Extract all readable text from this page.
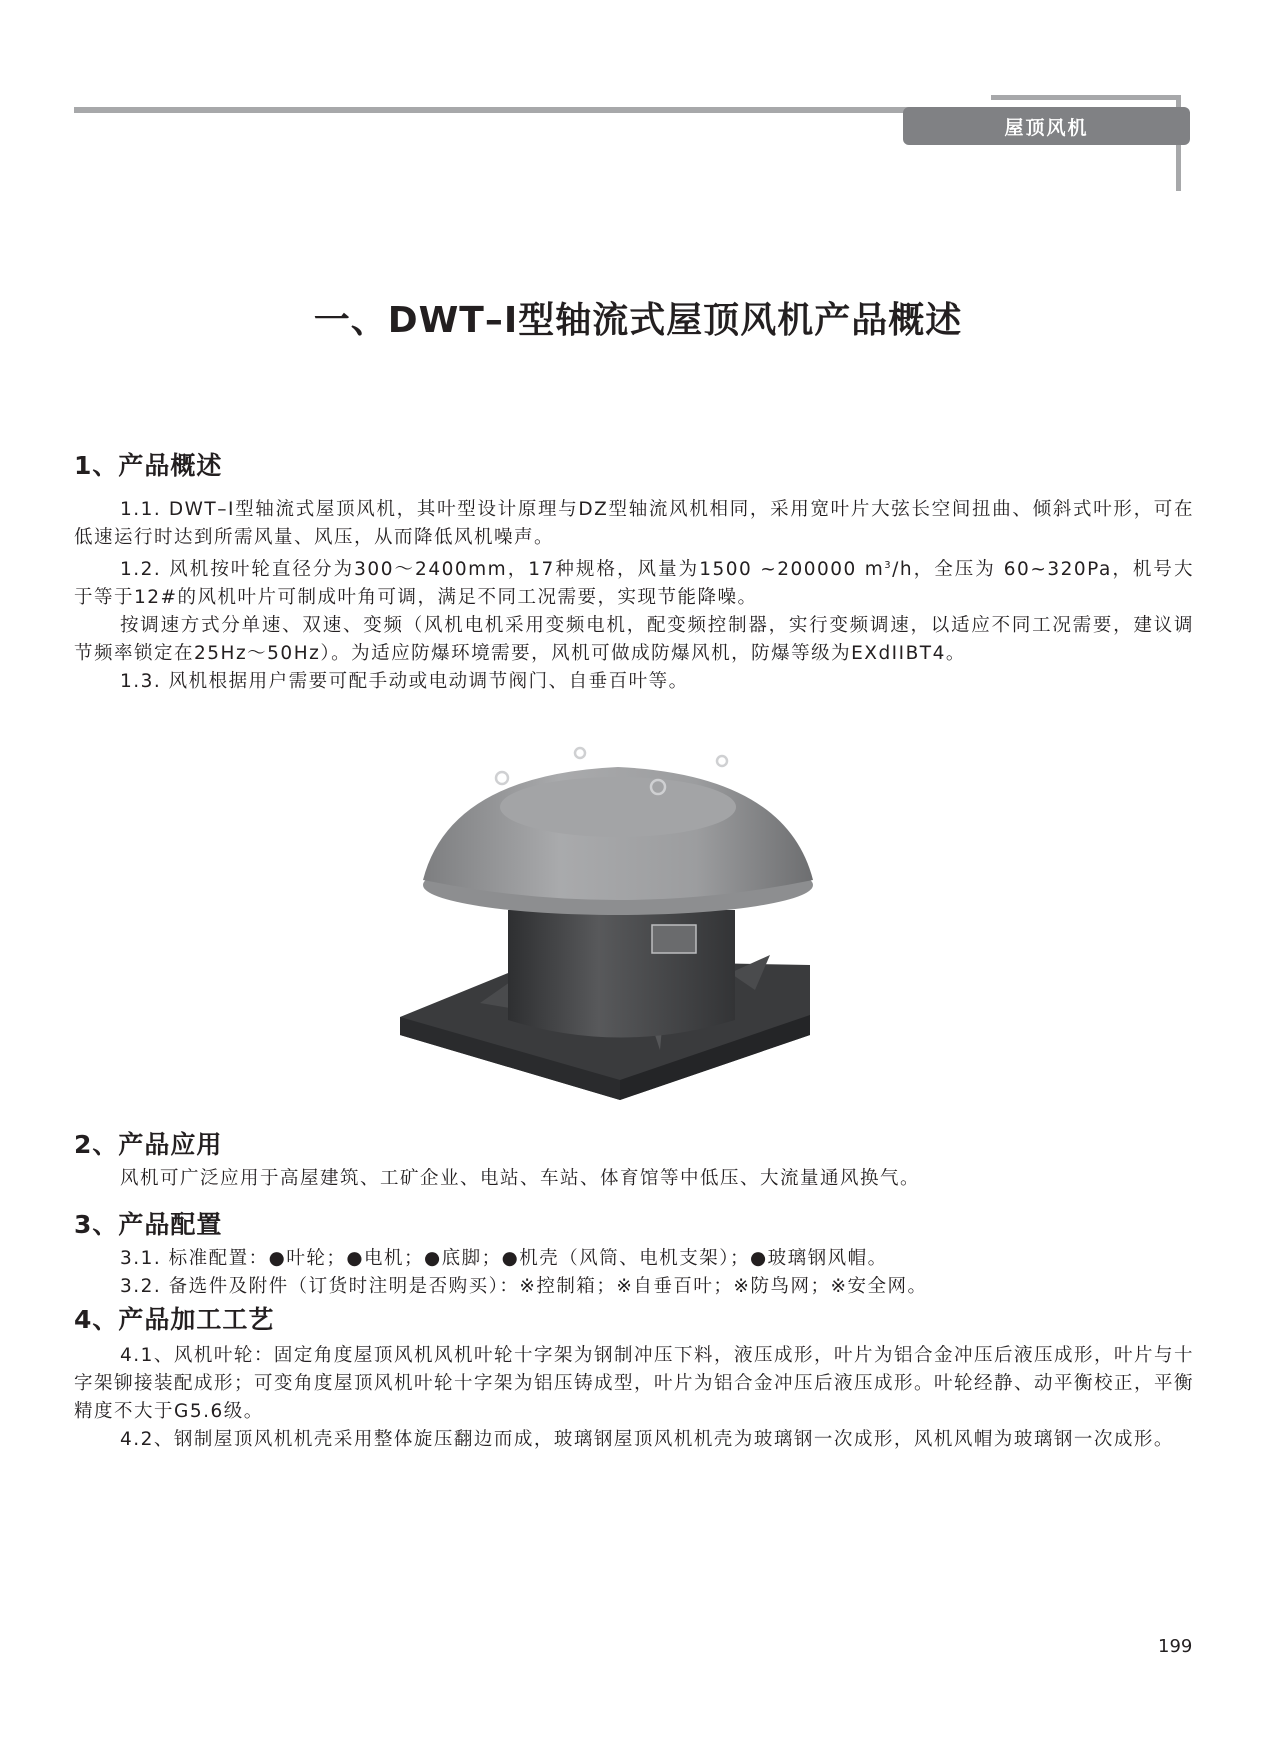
屋顶风机
一、DWT–I型轴流式屋顶风机产品概述
1、产品概述

1.1. DWT–I型轴流式屋顶风机，其叶型设计原理与DZ型轴流风机相同，采用宽叶片大弦长空间扭曲、倾斜式叶形，可在低速运行时达到所需风量、风压，从而降低风机噪声。

1.2. 风机按叶轮直径分为300～2400mm，17种规格，风量为1500 ~200000 $m^3/h$，全压为 60~320Pa，机号大于等于12#的风机叶片可制成叶角可调，满足不同工况需要，实现节能降噪。

按调速方式分单速、双速、变频（风机电机采用变频电机，配变频控制器，实行变频调速，以适应不同工况需要，建议调节频率锁定在25Hz～50Hz）。为适应防爆环境需要，风机可做成防爆风机，防爆等级为EXdIIBT4。

1.3. 风机根据用户需要可配手动或电动调节阀门、自垂百叶等。

2、产品应用

风机可广泛应用于高屋建筑、工矿企业、电站、车站、体育馆等中低压、大流量通风换气。

3、产品配置

3.1. 标准配置：●叶轮；●电机；●底脚；●机壳（风筒、电机支架）；●玻璃钢风帽。

3.2. 备选件及附件（订货时注明是否购买）：※控制箱；※自垂百叶；※防鸟网；※安全网。

4、产品加工工艺

4.1、风机叶轮：固定角度屋顶风机风机叶轮十字架为钢制冲压下料，液压成形，叶片为铝合金冲压后液压成形，叶片与十字架铆接装配成形；可变角度屋顶风机叶轮十字架为铝压铸成型，叶片为铝合金冲压后液压成形。叶轮经静、动平衡校正，平衡精度不大于G5.6级。

4.2、钢制屋顶风机机壳采用整体旋压翻边而成，玻璃钢屋顶风机机壳为玻璃钢一次成形，风机风帽为玻璃钢一次成形。

199
